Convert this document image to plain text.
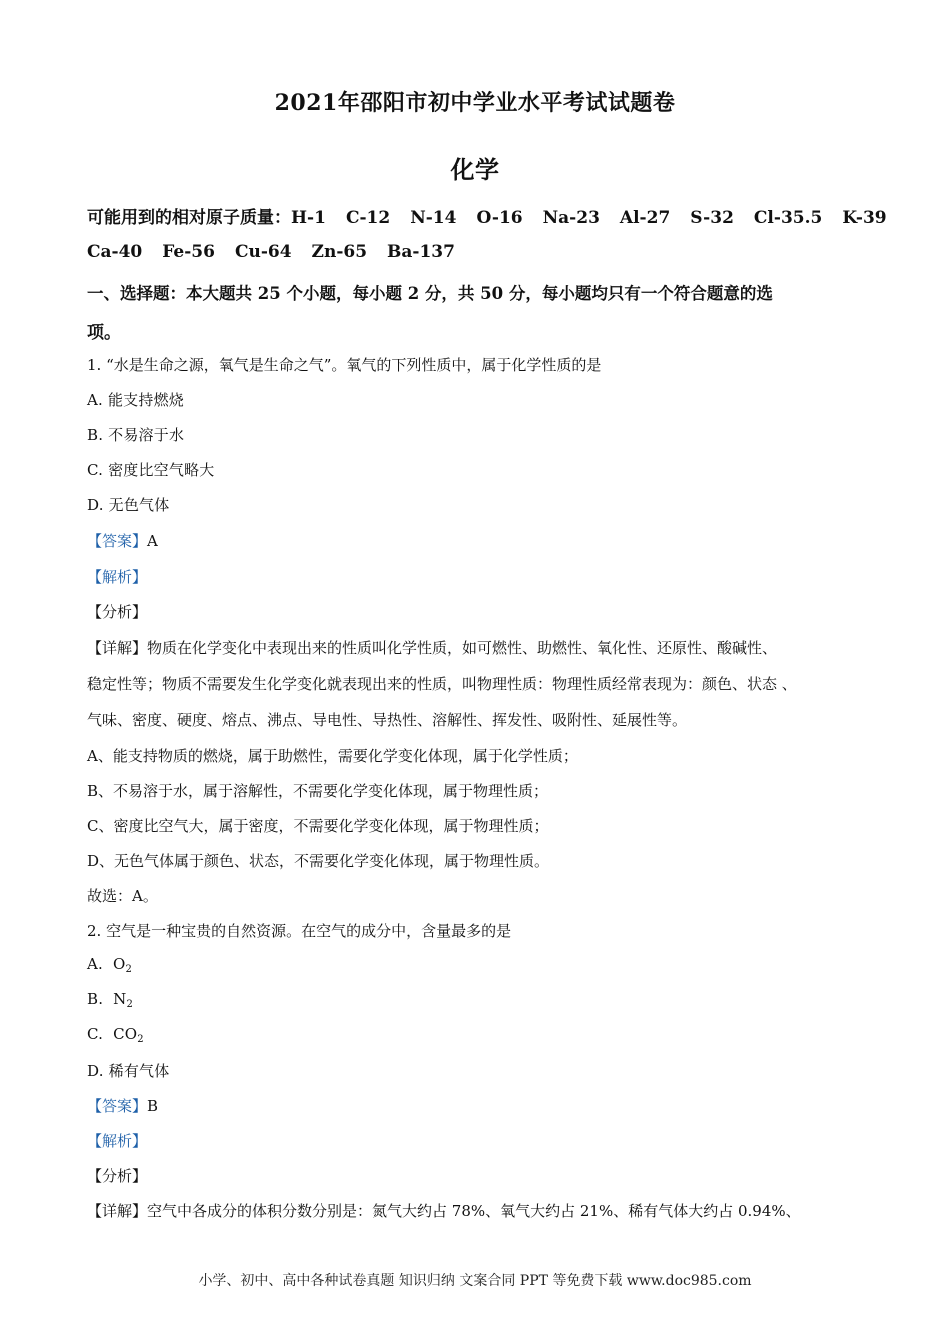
2021年邵阳市初中学业水平考试试题卷
化学
可能用到的相对原子质量：H-1 C-12 N-14 O-16 Na-23 Al-27 S-32 Cl-35.5 K-39
Ca-40 Fe-56 Cu-64 Zn-65 Ba-137
一、选择题：本大题共 25 个小题，每小题 2 分，共 50 分，每小题均只有一个符合题意的选
项。
1. “水是生命之源，氧气是生命之气”。氧气的下列性质中，属于化学性质的是
A. 能支持燃烧
B. 不易溶于水
C. 密度比空气略大
D. 无色气体
【答案】A
【解析】
【分析】
【详解】物质在化学变化中表现出来的性质叫化学性质，如可燃性、助燃性、氧化性、还原性、酸碱性、
稳定性等；物质不需要发生化学变化就表现出来的性质，叫物理性质：物理性质经常表现为：颜色、状态 、
气味、密度、硬度、熔点、沸点、导电性、导热性、溶解性、挥发性、吸附性、延展性等。
A、能支持物质的燃烧，属于助燃性，需要化学变化体现，属于化学性质；
B、不易溶于水，属于溶解性，不需要化学变化体现，属于物理性质；
C、密度比空气大，属于密度，不需要化学变化体现，属于物理性质；
D、无色气体属于颜色、状态，不需要化学变化体现，属于物理性质。
故选：A。
2. 空气是一种宝贵的自然资源。在空气的成分中，含量最多的是
A. $O_2$
B. $N_2$
C. $CO_2$
D. 稀有气体
【答案】B
【解析】
【分析】
【详解】空气中各成分的体积分数分别是：氮气大约占 78%、氧气大约占 21%、稀有气体大约占 0.94%、
小学、初中、高中各种试卷真题 知识归纳 文案合同 PPT 等免费下载 www.doc985.com
